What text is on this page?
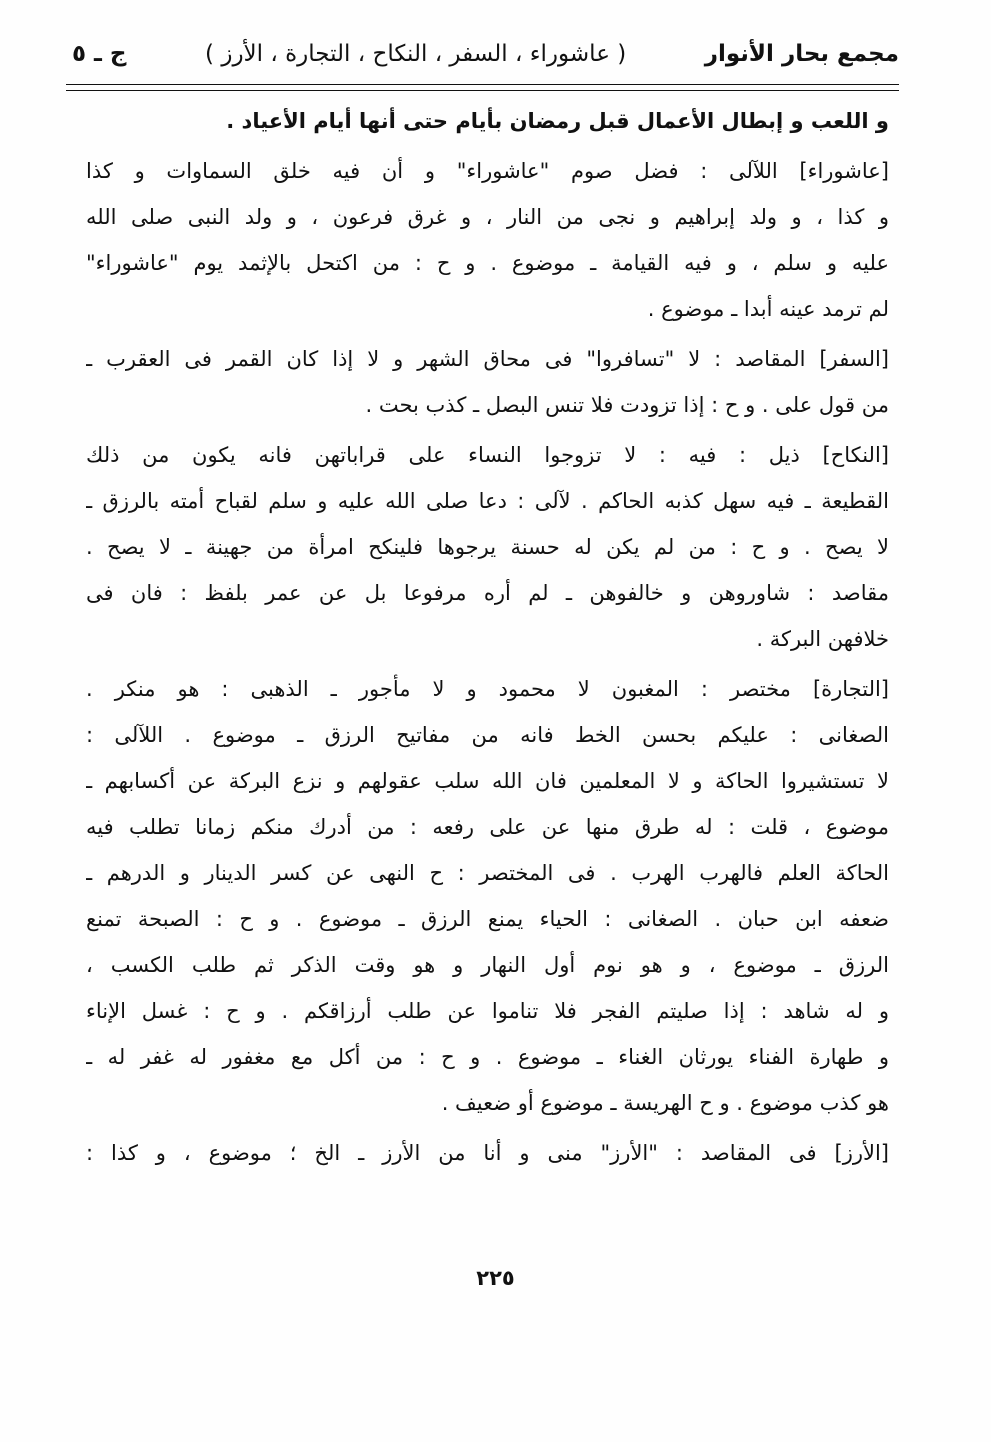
مجمع بحار الأنوار
( عاشوراء ، السفر ، النكاح ، التجارة ، الأرز )
ج ـ ٥
و اللعب و إبطال الأعمال قبل رمضان بأيام حتى أنها أيام الأعياد .
[عاشوراء] اللآلى : فضل صوم "عاشوراء" و أن فيه خلق السماوات و كذا
و كذا ، و ولد إبراهيم و نجى من النار ، و غرق فرعون ، و ولد النبى صلى الله
عليه و سلم ، و فيه القيامة ـ موضوع . و ح : من اكتحل بالإثمد يوم "عاشوراء"
لم ترمد عينه أبدا ـ موضوع .
[السفر] المقاصد : لا "تسافروا" فى محاق الشهر و لا إذا كان القمر فى العقرب ـ
من قول على . و ح : إذا تزودت فلا تنس البصل ـ كذب بحت .
[النكاح] ذيل : فيه : لا تزوجوا النساء على قراباتهن فانه يكون من ذلك
القطيعة ـ فيه سهل كذبه الحاكم . لآلى : دعا صلى الله عليه و سلم لقباح أمته بالرزق ـ
لا يصح . و ح : من لم يكن له حسنة يرجوها فلينكح امرأة من جهينة ـ لا يصح .
مقاصد : شاوروهن و خالفوهن ـ لم أره مرفوعا بل عن عمر بلفظ : فان فى
خلافهن البركة .
[التجارة] مختصر : المغبون لا محمود و لا مأجور ـ الذهبى : هو منكر .
الصغانى : عليكم بحسن الخط فانه من مفاتيح الرزق ـ موضوع . اللآلى :
لا تستشيروا الحاكة و لا المعلمين فان الله سلب عقولهم و نزع البركة عن أكسابهم ـ
موضوع ، قلت : له طرق منها عن على رفعه : من أدرك منكم زمانا تطلب فيه
الحاكة العلم فالهرب الهرب . فى المختصر : ح النهى عن كسر الدينار و الدرهم ـ
ضعفه ابن حبان . الصغانى : الحياء يمنع الرزق ـ موضوع . و ح : الصبحة تمنع
الرزق ـ موضوع ، و هو نوم أول النهار و هو وقت الذكر ثم طلب الكسب ،
و له شاهد : إذا صليتم الفجر فلا تناموا عن طلب أرزاقكم . و ح : غسل الإناء
و طهارة الفناء يورثان الغناء ـ موضوع . و ح : من أكل مع مغفور له غفر له ـ
هو كذب موضوع . و ح الهريسة ـ موضوع أو ضعيف .
[الأرز] فى المقاصد : "الأرز" منى و أنا من الأرز ـ الخ ؛ موضوع ، و كذا :
٢٢٥
